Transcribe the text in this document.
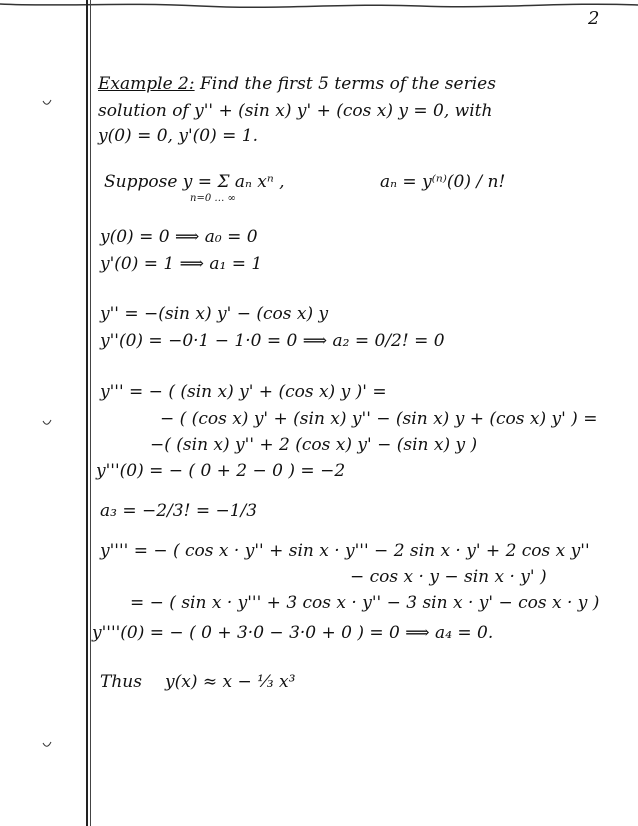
2
Example 2: Find the first 5 terms of the series
solution of y'' + (sin x) y' + (cos x) y = 0, with
y(0) = 0, y'(0) = 1.
Suppose y = Σ aₙ xⁿ ,
n=0 … ∞
aₙ = y⁽ⁿ⁾(0) / n!
y(0) = 0 ⟹ a₀ = 0
y'(0) = 1 ⟹ a₁ = 1
y'' = −(sin x) y' − (cos x) y
y''(0) = −0·1 − 1·0 = 0 ⟹ a₂ = 0/2! = 0
y''' = − ( (sin x) y' + (cos x) y )' =
− ( (cos x) y' + (sin x) y'' − (sin x) y + (cos x) y' ) =
−( (sin x) y'' + 2 (cos x) y' − (sin x) y )
y'''(0) = − ( 0 + 2 − 0 ) = −2
a₃ = −2/3! = −1/3
y'''' = − ( cos x · y'' + sin x · y''' − 2 sin x · y' + 2 cos x y''
− cos x · y − sin x · y' )
= − ( sin x · y''' + 3 cos x · y'' − 3 sin x · y' − cos x · y )
y''''(0) = − ( 0 + 3·0 − 3·0 + 0 ) = 0 ⟹ a₄ = 0.
Thus y(x) ≈ x − ⅓ x³
